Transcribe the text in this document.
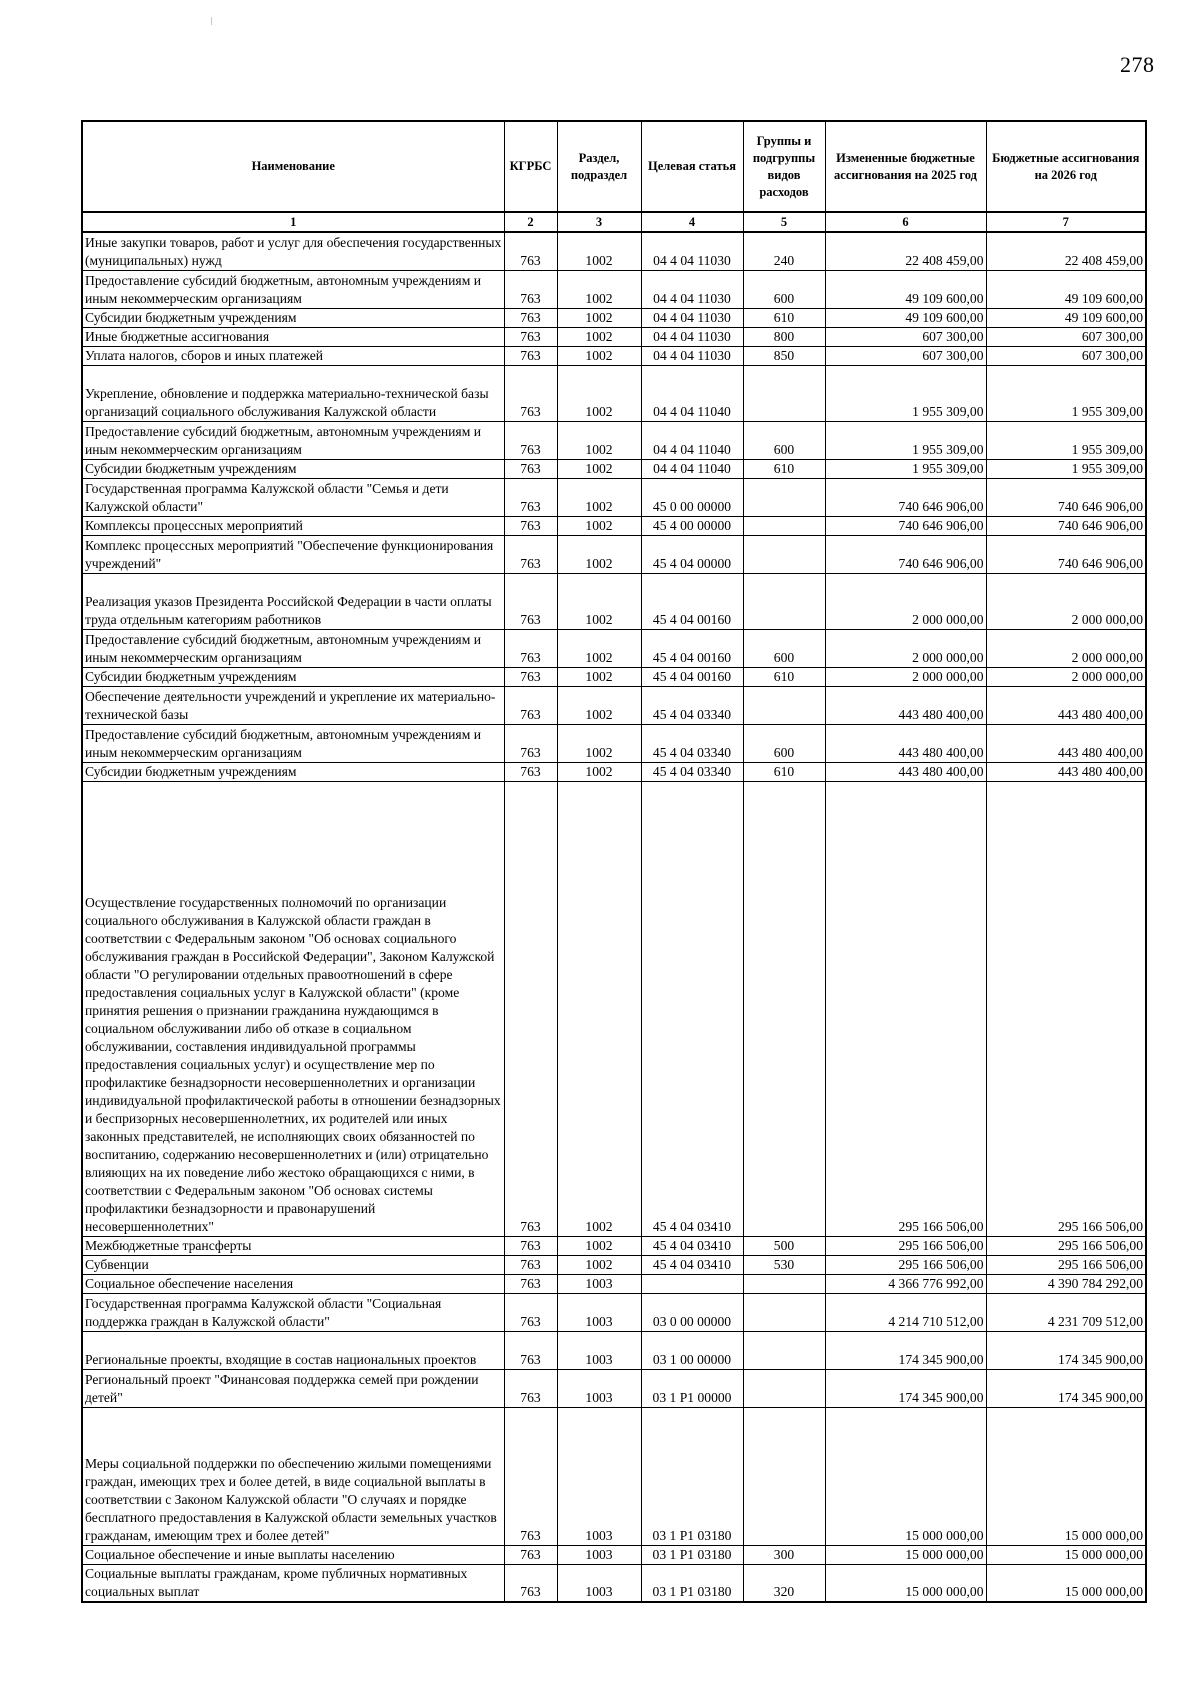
278
Наименование	КГРБС	Раздел, подраздел	Целевая статья	Группы и подгруппы видов расходов	Измененные бюджетные ассигнования на 2025 год	Бюджетные ассигнования на 2026 год
1	2	3	4	5	6	7
Иные закупки товаров, работ и услуг для обеспечения государственных (муниципальных) нужд	763	1002	04 4 04 11030	240	22 408 459,00	22 408 459,00
Предоставление субсидий бюджетным, автономным учреждениям и иным некоммерческим организациям	763	1002	04 4 04 11030	600	49 109 600,00	49 109 600,00
Субсидии бюджетным учреждениям	763	1002	04 4 04 11030	610	49 109 600,00	49 109 600,00
Иные бюджетные ассигнования	763	1002	04 4 04 11030	800	607 300,00	607 300,00
Уплата налогов, сборов и иных платежей	763	1002	04 4 04 11030	850	607 300,00	607 300,00
Укрепление, обновление и поддержка материально-технической базы организаций социального обслуживания Калужской области	763	1002	04 4 04 11040		1 955 309,00	1 955 309,00
Предоставление субсидий бюджетным, автономным учреждениям и иным некоммерческим организациям	763	1002	04 4 04 11040	600	1 955 309,00	1 955 309,00
Субсидии бюджетным учреждениям	763	1002	04 4 04 11040	610	1 955 309,00	1 955 309,00
Государственная программа Калужской области "Семья и дети Калужской области"	763	1002	45 0 00 00000		740 646 906,00	740 646 906,00
Комплексы процессных мероприятий	763	1002	45 4 00 00000		740 646 906,00	740 646 906,00
Комплекс процессных мероприятий "Обеспечение функционирования учреждений"	763	1002	45 4 04 00000		740 646 906,00	740 646 906,00
Реализация указов Президента Российской Федерации в части оплаты труда отдельным категориям работников	763	1002	45 4 04 00160		2 000 000,00	2 000 000,00
Предоставление субсидий бюджетным, автономным учреждениям и иным некоммерческим организациям	763	1002	45 4 04 00160	600	2 000 000,00	2 000 000,00
Субсидии бюджетным учреждениям	763	1002	45 4 04 00160	610	2 000 000,00	2 000 000,00
Обеспечение деятельности учреждений и укрепление их материально-технической базы	763	1002	45 4 04 03340		443 480 400,00	443 480 400,00
Предоставление субсидий бюджетным, автономным учреждениям и иным некоммерческим организациям	763	1002	45 4 04 03340	600	443 480 400,00	443 480 400,00
Субсидии бюджетным учреждениям	763	1002	45 4 04 03340	610	443 480 400,00	443 480 400,00
Осуществление государственных полномочий по организации социального обслуживания в Калужской области граждан в соответствии с Федеральным законом "Об основах социального обслуживания граждан в Российской Федерации", Законом Калужской области "О регулировании отдельных правоотношений в сфере предоставления социальных услуг в Калужской области" (кроме принятия решения о признании гражданина нуждающимся в социальном обслуживании либо об отказе в социальном обслуживании, составления индивидуальной программы предоставления социальных услуг) и осуществление мер по профилактике безнадзорности несовершеннолетних и организации индивидуальной профилактической работы в отношении безнадзорных и беспризорных несовершеннолетних, их родителей или иных законных представителей, не исполняющих своих обязанностей по воспитанию, содержанию несовершеннолетних и (или) отрицательно влияющих на их поведение либо жестоко обращающихся с ними, в соответствии с Федеральным законом "Об основах системы профилактики безнадзорности и правонарушений несовершеннолетних"	763	1002	45 4 04 03410		295 166 506,00	295 166 506,00
Межбюджетные трансферты	763	1002	45 4 04 03410	500	295 166 506,00	295 166 506,00
Субвенции	763	1002	45 4 04 03410	530	295 166 506,00	295 166 506,00
Социальное обеспечение населения	763	1003			4 366 776 992,00	4 390 784 292,00
Государственная программа Калужской области "Социальная поддержка граждан в Калужской области"	763	1003	03 0 00 00000		4 214 710 512,00	4 231 709 512,00
Региональные проекты, входящие в состав национальных проектов	763	1003	03 1 00 00000		174 345 900,00	174 345 900,00
Региональный проект "Финансовая поддержка семей при рождении детей"	763	1003	03 1 P1 00000		174 345 900,00	174 345 900,00
Меры социальной поддержки по обеспечению жилыми помещениями граждан, имеющих трех и более детей, в виде социальной выплаты в соответствии с Законом Калужской области "О случаях и порядке бесплатного предоставления в Калужской области земельных участков гражданам, имеющим трех и более детей"	763	1003	03 1 P1 03180		15 000 000,00	15 000 000,00
Социальное обеспечение и иные выплаты населению	763	1003	03 1 P1 03180	300	15 000 000,00	15 000 000,00
Социальные выплаты гражданам, кроме публичных нормативных социальных выплат	763	1003	03 1 P1 03180	320	15 000 000,00	15 000 000,00
